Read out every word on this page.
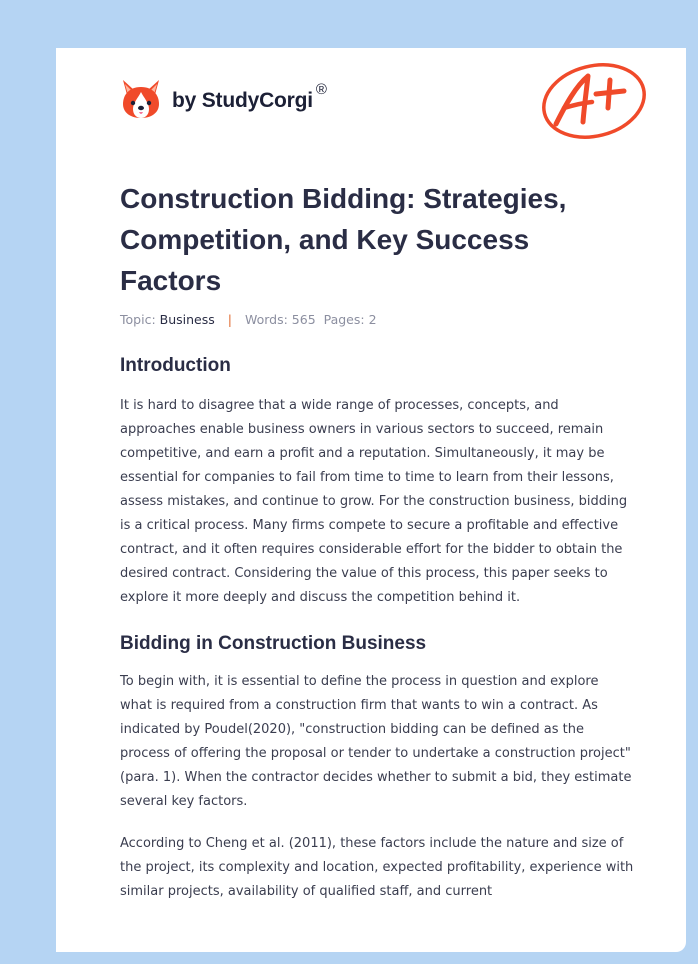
by StudyCorgi ®
Construction Bidding: Strategies, Competition, and Key Success Factors
Topic: Business | Words: 565 Pages: 2
Introduction

It is hard to disagree that a wide range of processes, concepts, and approaches enable business owners in various sectors to succeed, remain competitive, and earn a profit and a reputation. Simultaneously, it may be essential for companies to fail from time to time to learn from their lessons, assess mistakes, and continue to grow. For the construction business, bidding is a critical process. Many firms compete to secure a profitable and effective contract, and it often requires considerable effort for the bidder to obtain the desired contract. Considering the value of this process, this paper seeks to explore it more deeply and discuss the competition behind it.

Bidding in Construction Business

To begin with, it is essential to define the process in question and explore what is required from a construction firm that wants to win a contract. As indicated by Poudel(2020), "construction bidding can be defined as the process of offering the proposal or tender to undertake a construction project" (para. 1). When the contractor decides whether to submit a bid, they estimate several key factors.

According to Cheng et al. (2011), these factors include the nature and size of the project, its complexity and location, expected profitability, experience with similar projects, availability of qualified staff, and current
